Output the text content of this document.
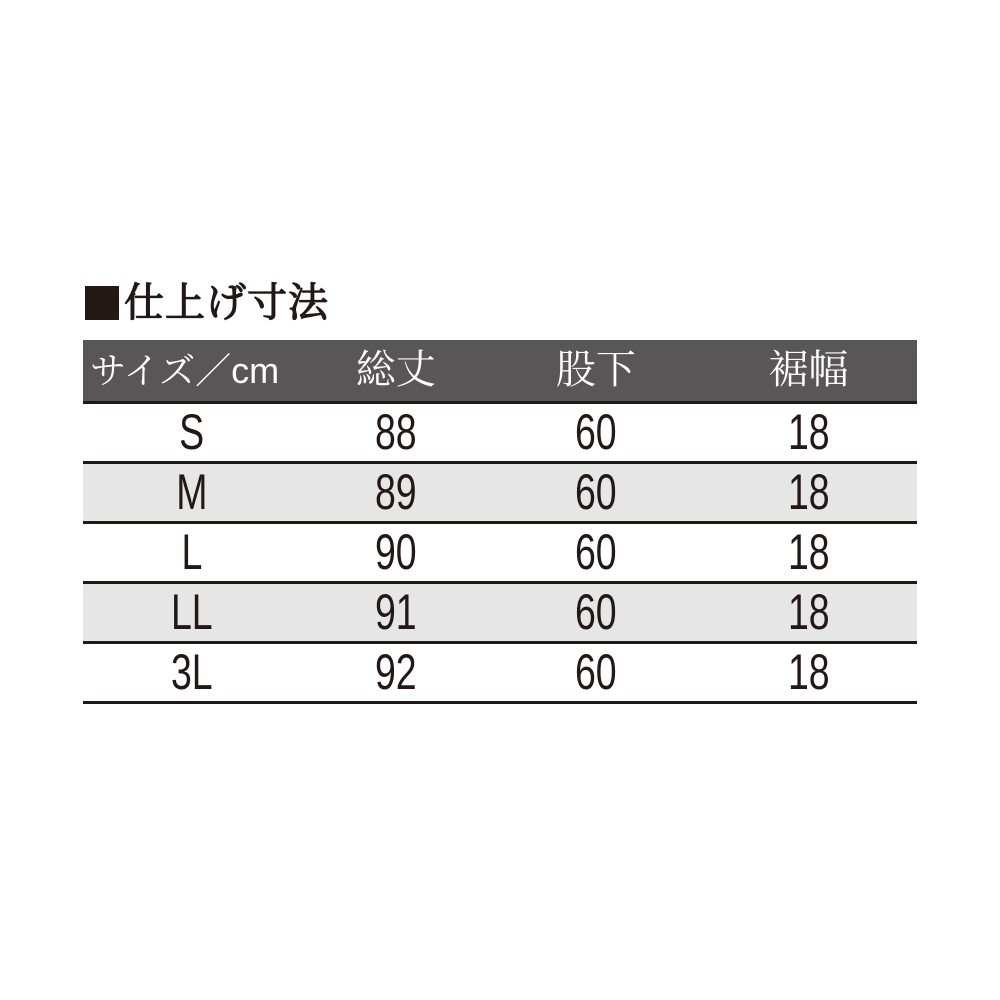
仕上げ寸法
サイズ／cm	総丈	股下	裾幅
S	88	60	18
M	89	60	18
L	90	60	18
LL	91	60	18
3L	92	60	18
